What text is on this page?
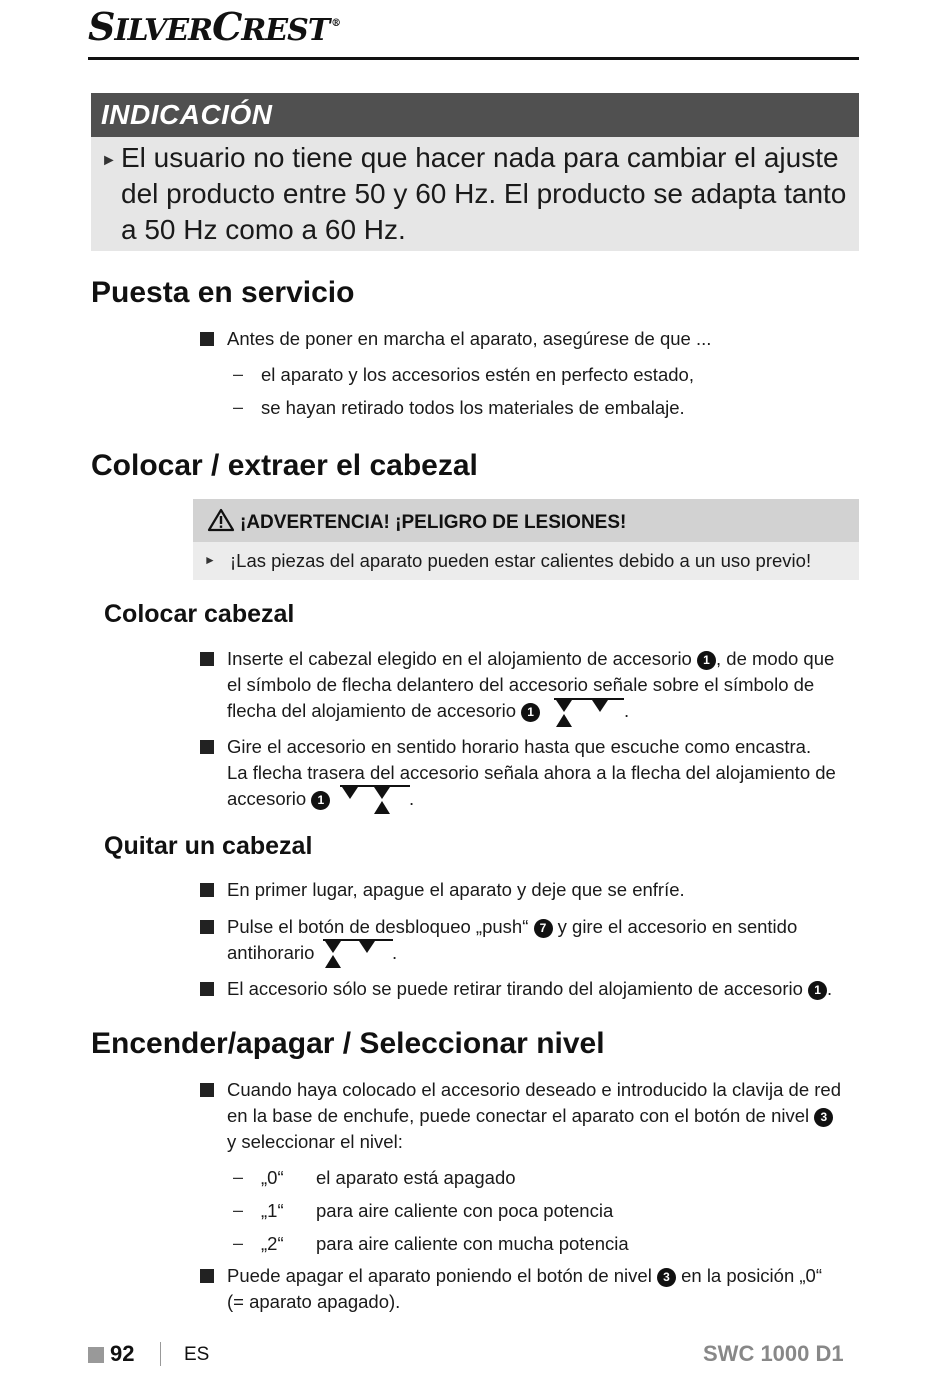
SILVERCREST ®
INDICACIÓN
► El usuario no tiene que hacer nada para cambiar el ajuste
del producto entre 50 y 60 Hz. El producto se adapta tanto
a 50 Hz como a 60 Hz.
Puesta en servicio
Antes de poner en marcha el aparato, asegúrese de que ...
– el aparato y los accesorios estén en perfecto estado,
– se hayan retirado todos los materiales de embalaje.
Colocar / extraer el cabezal
¡ADVERTENCIA! ¡PELIGRO DE LESIONES!
► ¡Las piezas del aparato pueden estar calientes debido a un uso previo!
Colocar cabezal
Inserte el cabezal elegido en el alojamiento de accesorio 1 , de modo que
el símbolo de flecha delantero del accesorio señale sobre el símbolo de
flecha del alojamiento de accesorio 1	.
Gire el accesorio en sentido horario hasta que escuche como encastra.
La flecha trasera del accesorio señala ahora a la flecha del alojamiento de
accesorio 1	.
Quitar un cabezal
En primer lugar, apague el aparato y deje que se enfríe.
Pulse el botón de desbloqueo „push“ 7 y gire el accesorio en sentido
antihorario	.
El accesorio sólo se puede retirar tirando del alojamiento de accesorio 1 .
Encender/apagar / Seleccionar nivel
Cuando haya colocado el accesorio deseado e introducido la clavija de red
en la base de enchufe, puede conectar el aparato con el botón de nivel 3
y seleccionar el nivel:
– „0“ el aparato está apagado
– „1“ para aire caliente con poca potencia
– „2“ para aire caliente con mucha potencia
Puede apagar el aparato poniendo el botón de nivel 3 en la posición „0“
(= aparato apagado).
92	ES	SWC 1000 D1
